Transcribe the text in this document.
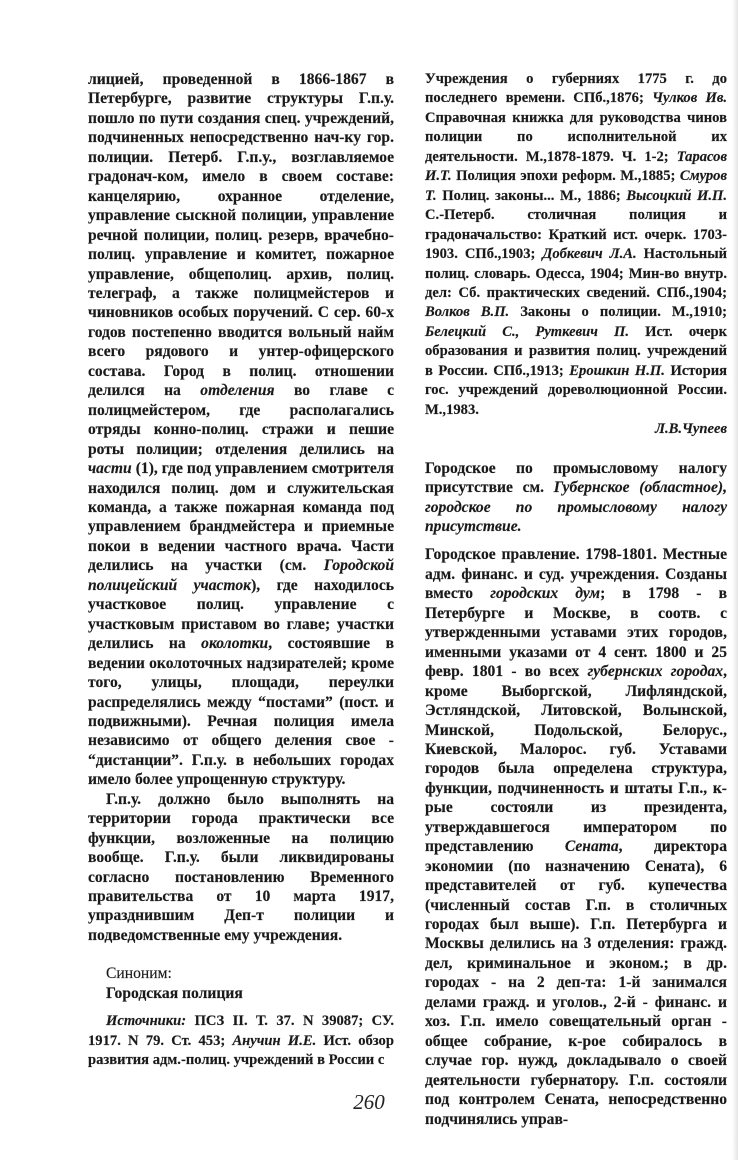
лицией, проведенной в 1866-1867 в Петербурге, развитие структуры Г.п.у. пошло по пути создания спец. учреждений, подчиненных непосредственно нач-ку гор. полиции. Петерб. Г.п.у., возглавляемое градонач-ком, имело в своем составе: канцелярию, охранное отделение, управление сыскной полиции, управление речной полиции, полиц. резерв, врачебно-полиц. управление и комитет, пожарное управление, общеполиц. архив, полиц. телеграф, а также полицмейстеров и чиновников особых поручений. С сер. 60-х годов постепенно вводится вольный найм всего рядового и унтер-офицерского состава. Город в полиц. отношении делился на отделения во главе с полицмейстером, где располагались отряды конно-полиц. стражи и пешие роты полиции; отделения делились на части (1), где под управлением смотрителя находился полиц. дом и служительская команда, а также пожарная команда под управлением брандмейстера и приемные покои в ведении частного врача. Части делились на участки (см. Городской полицейский участок), где находилось участковое полиц. управление с участковым приставом во главе; участки делились на околотки, состоявшие в ведении околоточных надзирателей; кроме того, улицы, площади, переулки распределялись между “постами” (пост. и подвижными). Речная полиция имела независимо от общего деления свое - “дистанции”. Г.п.у. в небольших городах имело более упрощенную структуру.

Г.п.у. должно было выполнять на территории города практически все функции, возложенные на полицию вообще. Г.п.у. были ликвидированы согласно постановлению Временного правительства от 10 марта 1917, упразднившим Деп-т полиции и подведомственные ему учреждения.

Синоним:

Городская полиция

Источники: ПСЗ II. Т. 37. N 39087; СУ. 1917. N 79. Ст. 453; Анучин И.Е. Ист. обзор развития адм.-полиц. учреждений в России с

Учреждения о губерниях 1775 г. до последнего времени. СПб.,1876; Чулков Ив. Справочная книжка для руководства чинов полиции по исполнительной их деятельности. М.,1878-1879. Ч. 1-2; Тарасов И.Т. Полиция эпохи реформ. М.,1885; Смуров Т. Полиц. законы... М., 1886; Высоцкий И.П. С.-Петерб. столичная полиция и градоначальство: Краткий ист. очерк. 1703-1903. СПб.,1903; Добкевич Л.А. Настольный полиц. словарь. Одесса, 1904; Мин-во внутр. дел: Сб. практических сведений. СПб.,1904; Волков В.П. Законы о полиции. М.,1910; Белецкий С., Руткевич П. Ист. очерк образования и развития полиц. учреждений в России. СПб.,1913; Ерошкин Н.П. История гос. учреждений дореволюционной России. М.,1983.

Л.В.Чупеев

Городское по промысловому налогу присутствие см. Губернское (областное), городское по промысловому налогу присутствие.

Городское правление. 1798-1801. Местные адм. финанс. и суд. учреждения. Созданы вместо городских дум; в 1798 - в Петербурге и Москве, в соотв. с утвержденными уставами этих городов, именными указами от 4 сент. 1800 и 25 февр. 1801 - во всех губернских городах, кроме Выборгской, Лифляндской, Эстляндской, Литовской, Волынской, Минской, Подольской, Белорус., Киевской, Малорос. губ. Уставами городов была определена структура, функции, подчиненность и штаты Г.п., к-рые состояли из президента, утверждавшегося императором по представлению Сената, директора экономии (по назначению Сената), 6 представителей от губ. купечества (численный состав Г.п. в столичных городах был выше). Г.п. Петербурга и Москвы делились на 3 отделения: гражд. дел, криминальное и эконом.; в др. городах - на 2 деп-та: 1-й занимался делами гражд. и уголов., 2-й - финанс. и хоз. Г.п. имело совещательный орган - общее собрание, к-рое собиралось в случае гор. нужд, докладывало о своей деятельности губернатору. Г.п. состояли под контролем Сената, непосредственно подчинялись управ-

260
